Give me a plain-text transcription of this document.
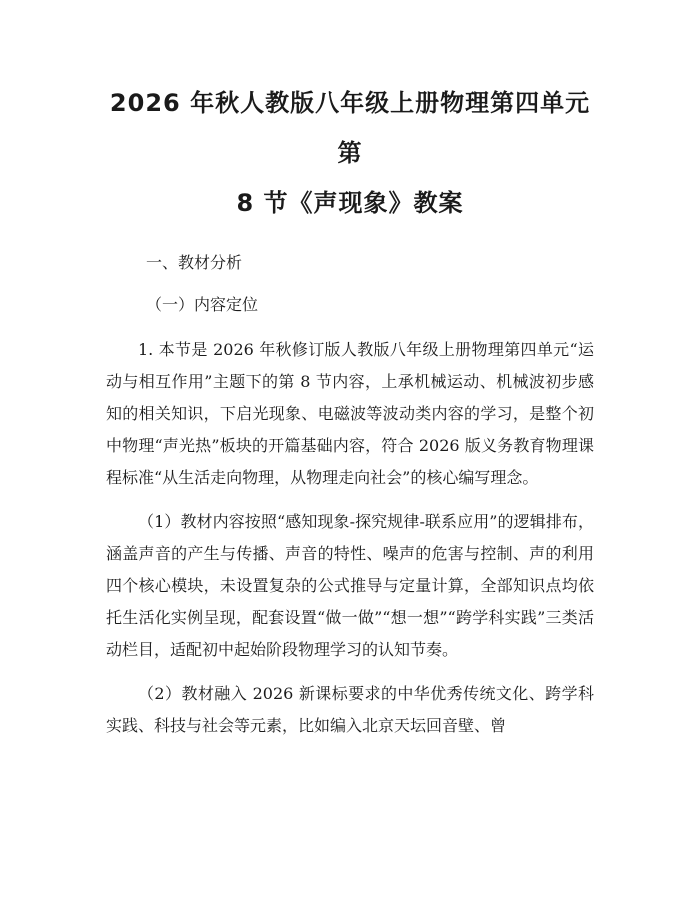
2026 年秋人教版八年级上册物理第四单元第
8 节《声现象》教案
一、教材分析
（一）内容定位

1. 本节是 2026 年秋修订版人教版八年级上册物理第四单元“运动与相互作用”主题下的第 8 节内容，上承机械运动、机械波初步感知的相关知识，下启光现象、电磁波等波动类内容的学习，是整个初中物理“声光热”板块的开篇基础内容，符合 2026 版义务教育物理课程标准“从生活走向物理，从物理走向社会”的核心编写理念。

（1）教材内容按照“感知现象-探究规律-联系应用”的逻辑排布，涵盖声音的产生与传播、声音的特性、噪声的危害与控制、声的利用四个核心模块，未设置复杂的公式推导与定量计算，全部知识点均依托生活化实例呈现，配套设置“做一做”“想一想”“跨学科实践”三类活动栏目，适配初中起始阶段物理学习的认知节奏。

（2）教材融入 2026 新课标要求的中华优秀传统文化、跨学科实践、科技与社会等元素，比如编入北京天坛回音壁、曾
